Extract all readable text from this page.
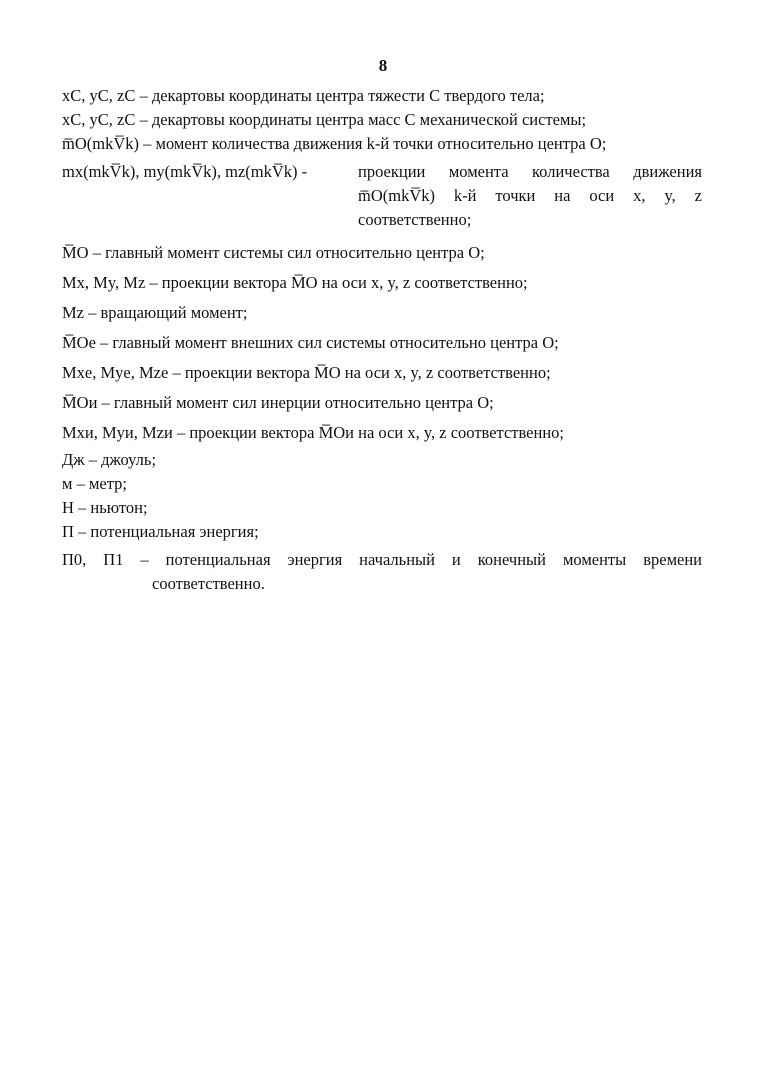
8
xC, yC, zC – декартовы координаты центра тяжести C твердого тела;
xC, yC, zC – декартовы координаты центра масс C механической системы;
m̅O(mkV̅k) – момент количества движения k-й точки относительно центра O;
mx(mkV̅k), my(mkV̅k), mz(mkV̅k) -	проекции момента количества движения
m̅O(mkV̅k) k-й точки на оси x, y, z
соответственно;
M̅O – главный момент системы сил относительно центра O;
Mx, My, Mz – проекции вектора M̅O на оси x, y, z соответственно;
Mz – вращающий момент;
M̅Oe – главный момент внешних сил системы относительно центра O;
Mxe, Mye, Mze – проекции вектора M̅O на оси x, y, z соответственно;
M̅Oи – главный момент сил инерции относительно центра O;
Mxи, Myи, Mzи – проекции вектора M̅Oи на оси x, y, z соответственно;
Дж – джоуль;
м – метр;
Н – ньютон;
П – потенциальная энергия;
П0, П1 – потенциальная энергия начальный и конечный моменты времени
соответственно.
